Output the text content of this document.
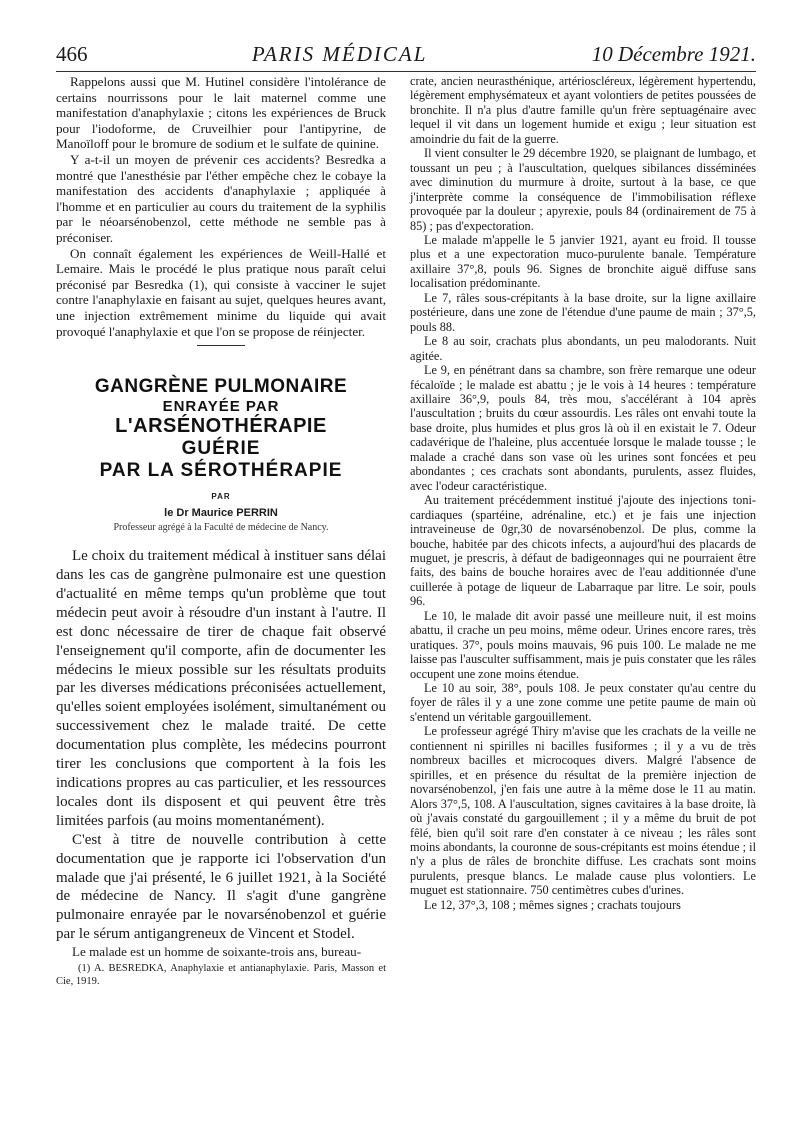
466	PARIS MÉDICAL	10 Décembre 1921.

Rappelons aussi que M. Hutinel considère l'intolérance de certains nourrissons pour le lait maternel comme une manifestation d'anaphylaxie ; citons les expériences de Bruck pour l'iodoforme, de Cruveilhier pour l'antipyrine, de Manoïloff pour le bromure de sodium et le sulfate de quinine.

Y a-t-il un moyen de prévenir ces accidents? Besredka a montré que l'anesthésie par l'éther empêche chez le cobaye la manifestation des accidents d'anaphylaxie ; appliquée à l'homme et en particulier au cours du traitement de la syphilis par le néoarsénobenzol, cette méthode ne semble pas à préconiser.

On connaît également les expériences de Weill-Hallé et Lemaire. Mais le procédé le plus pratique nous paraît celui préconisé par Besredka (1), qui consiste à vacciner le sujet contre l'anaphylaxie en faisant au sujet, quelques heures avant, une injection extrêmement minime du liquide qui avait provoqué l'anaphylaxie et que l'on se propose de réinjecter.

GANGRÈNE PULMONAIRE
ENRAYÉE PAR
L'ARSÉNOTHÉRAPIE
GUÉRIE
PAR LA SÉROTHÉRAPIE
PAR
le Dr Maurice PERRIN
Professeur agrégé à la Faculté de médecine de Nancy.

Le choix du traitement médical à instituer sans délai dans les cas de gangrène pulmonaire est une question d'actualité en même temps qu'un problème que tout médecin peut avoir à résoudre d'un instant à l'autre. Il est donc nécessaire de tirer de chaque fait observé l'enseignement qu'il comporte, afin de documenter les médecins le mieux possible sur les résultats produits par les diverses médications préconisées actuellement, qu'elles soient employées isolément, simultanément ou successivement chez le malade traité. De cette documentation plus complète, les médecins pourront tirer les conclusions que comportent à la fois les indications propres au cas particulier, et les ressources locales dont ils disposent et qui peuvent être très limitées parfois (au moins momentanément).

C'est à titre de nouvelle contribution à cette documentation que je rapporte ici l'observation d'un malade que j'ai présenté, le 6 juillet 1921, à la Société de médecine de Nancy. Il s'agit d'une gangrène pulmonaire enrayée par le novarsénobenzol et guérie par le sérum antigangreneux de Vincent et Stodel.

Le malade est un homme de soixante-trois ans, bureau-

(1) A. BESREDKA, Anaphylaxie et antianaphylaxie. Paris, Masson et Cie, 1919.

crate, ancien neurasthénique, artérioscléreux, légèrement hypertendu, légèrement emphysémateux et ayant volontiers de petites poussées de bronchite. Il n'a plus d'autre famille qu'un frère septuagénaire avec lequel il vit dans un logement humide et exigu ; leur situation est amoindrie du fait de la guerre.

Il vient consulter le 29 décembre 1920, se plaignant de lumbago, et toussant un peu ; à l'auscultation, quelques sibilances disséminées avec diminution du murmure à droite, surtout à la base, ce que j'interprète comme la conséquence de l'immobilisation réflexe provoquée par la douleur ; apyrexie, pouls 84 (ordinairement de 75 à 85) ; pas d'expectoration.

Le malade m'appelle le 5 janvier 1921, ayant eu froid. Il tousse plus et a une expectoration muco-purulente banale. Température axillaire 37°,8, pouls 96. Signes de bronchite aiguë diffuse sans localisation prédominante.

Le 7, râles sous-crépitants à la base droite, sur la ligne axillaire postérieure, dans une zone de l'étendue d'une paume de main ; 37°,5, pouls 88.

Le 8 au soir, crachats plus abondants, un peu malodorants. Nuit agitée.

Le 9, en pénétrant dans sa chambre, son frère remarque une odeur fécaloïde ; le malade est abattu ; je le vois à 14 heures : température axillaire 36°,9, pouls 84, très mou, s'accélérant à 104 après l'auscultation ; bruits du cœur assourdis. Les râles ont envahi toute la base droite, plus humides et plus gros là où il en existait le 7. Odeur cadavérique de l'haleine, plus accentuée lorsque le malade tousse ; le malade a craché dans son vase où les urines sont foncées et peu abondantes ; ces crachats sont abondants, purulents, assez fluides, avec l'odeur caractéristique.

Au traitement précédemment institué j'ajoute des injections toni-cardiaques (spartéine, adrénaline, etc.) et je fais une injection intraveineuse de 0gr,30 de novarsénobenzol. De plus, comme la bouche, habitée par des chicots infects, a aujourd'hui des placards de muguet, je prescris, à défaut de badigeonnages qui ne pourraient être faits, des bains de bouche horaires avec de l'eau additionnée d'une cuillerée à potage de liqueur de Labarraque par litre. Le soir, pouls 96.

Le 10, le malade dit avoir passé une meilleure nuit, il est moins abattu, il crache un peu moins, même odeur. Urines encore rares, très uratiques. 37°, pouls moins mauvais, 96 puis 100. Le malade ne me laisse pas l'ausculter suffisamment, mais je puis constater que les râles occupent une zone moins étendue.

Le 10 au soir, 38°, pouls 108. Je peux constater qu'au centre du foyer de râles il y a une zone comme une petite paume de main où s'entend un véritable gargouillement.

Le professeur agrégé Thiry m'avise que les crachats de la veille ne contiennent ni spirilles ni bacilles fusiformes ; il y a vu de très nombreux bacilles et microcoques divers. Malgré l'absence de spirilles, et en présence du résultat de la première injection de novarsénobenzol, j'en fais une autre à la même dose le 11 au matin. Alors 37°,5, 108. A l'auscultation, signes cavitaires à la base droite, là où j'avais constaté du gargouillement ; il y a même du bruit de pot fêlé, bien qu'il soit rare d'en constater à ce niveau ; les râles sont moins abondants, la couronne de sous-crépitants est moins étendue ; il n'y a plus de râles de bronchite diffuse. Les crachats sont moins purulents, presque blancs. Le malade cause plus volontiers. Le muguet est stationnaire. 750 centimètres cubes d'urines.

Le 12, 37°,3, 108 ; mêmes signes ; crachats toujours
